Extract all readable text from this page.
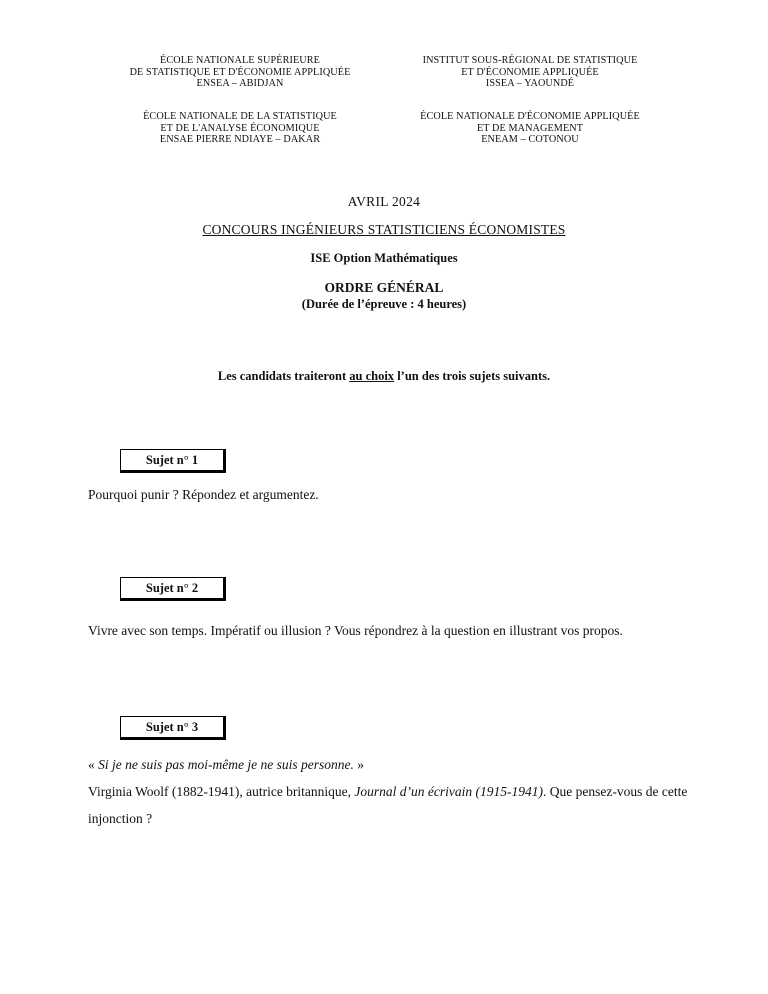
ÉCOLE NATIONALE SUPÉRIEURE
DE STATISTIQUE ET D'ÉCONOMIE APPLIQUÉE
ENSEA – ABIDJAN
INSTITUT SOUS-RÉGIONAL DE STATISTIQUE
ET D'ÉCONOMIE APPLIQUÉE
ISSEA – YAOUNDÉ
ÉCOLE NATIONALE DE LA STATISTIQUE
ET DE L'ANALYSE ÉCONOMIQUE
ENSAE PIERRE NDIAYE – DAKAR
ÉCOLE NATIONALE D'ÉCONOMIE APPLIQUÉE
ET DE MANAGEMENT
ENEAM – COTONOU
AVRIL 2024
CONCOURS INGÉNIEURS STATISTICIENS ÉCONOMISTES
ISE Option Mathématiques
ORDRE GÉNÉRAL
(Durée de l’épreuve : 4 heures)
Les candidats traiteront au choix l’un des trois sujets suivants.
Sujet n° 1
Pourquoi punir ? Répondez et argumentez.
Sujet n° 2
Vivre avec son temps. Impératif ou illusion ? Vous répondrez à la question en illustrant vos propos.
Sujet n° 3
« Si je ne suis pas moi-même je ne suis personne. »
Virginia Woolf (1882-1941), autrice britannique, Journal d’un écrivain (1915-1941). Que pensez-vous de cette injonction ?
